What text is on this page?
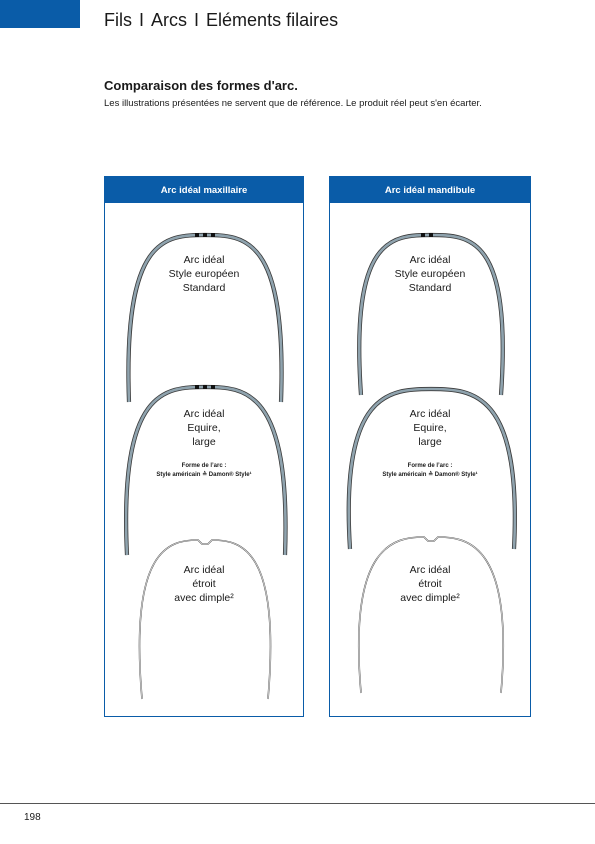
Fils I Arcs I Eléments filaires
Comparaison des formes d'arc.
Les illustrations présentées ne servent que de référence. Le produit réel peut s'en écarter.
Arc idéal maxillaire
Arc idéal
Style européen
Standard
Arc idéal
Equire,
large
Forme de l’arc :
Style américain ≙ Damon® Style¹
Arc idéal
étroit
avec dimple²
Arc idéal mandibule
Arc idéal
Style européen
Standard
Arc idéal
Equire,
large
Forme de l’arc :
Style américain ≙ Damon® Style¹
Arc idéal
étroit
avec dimple²
198
